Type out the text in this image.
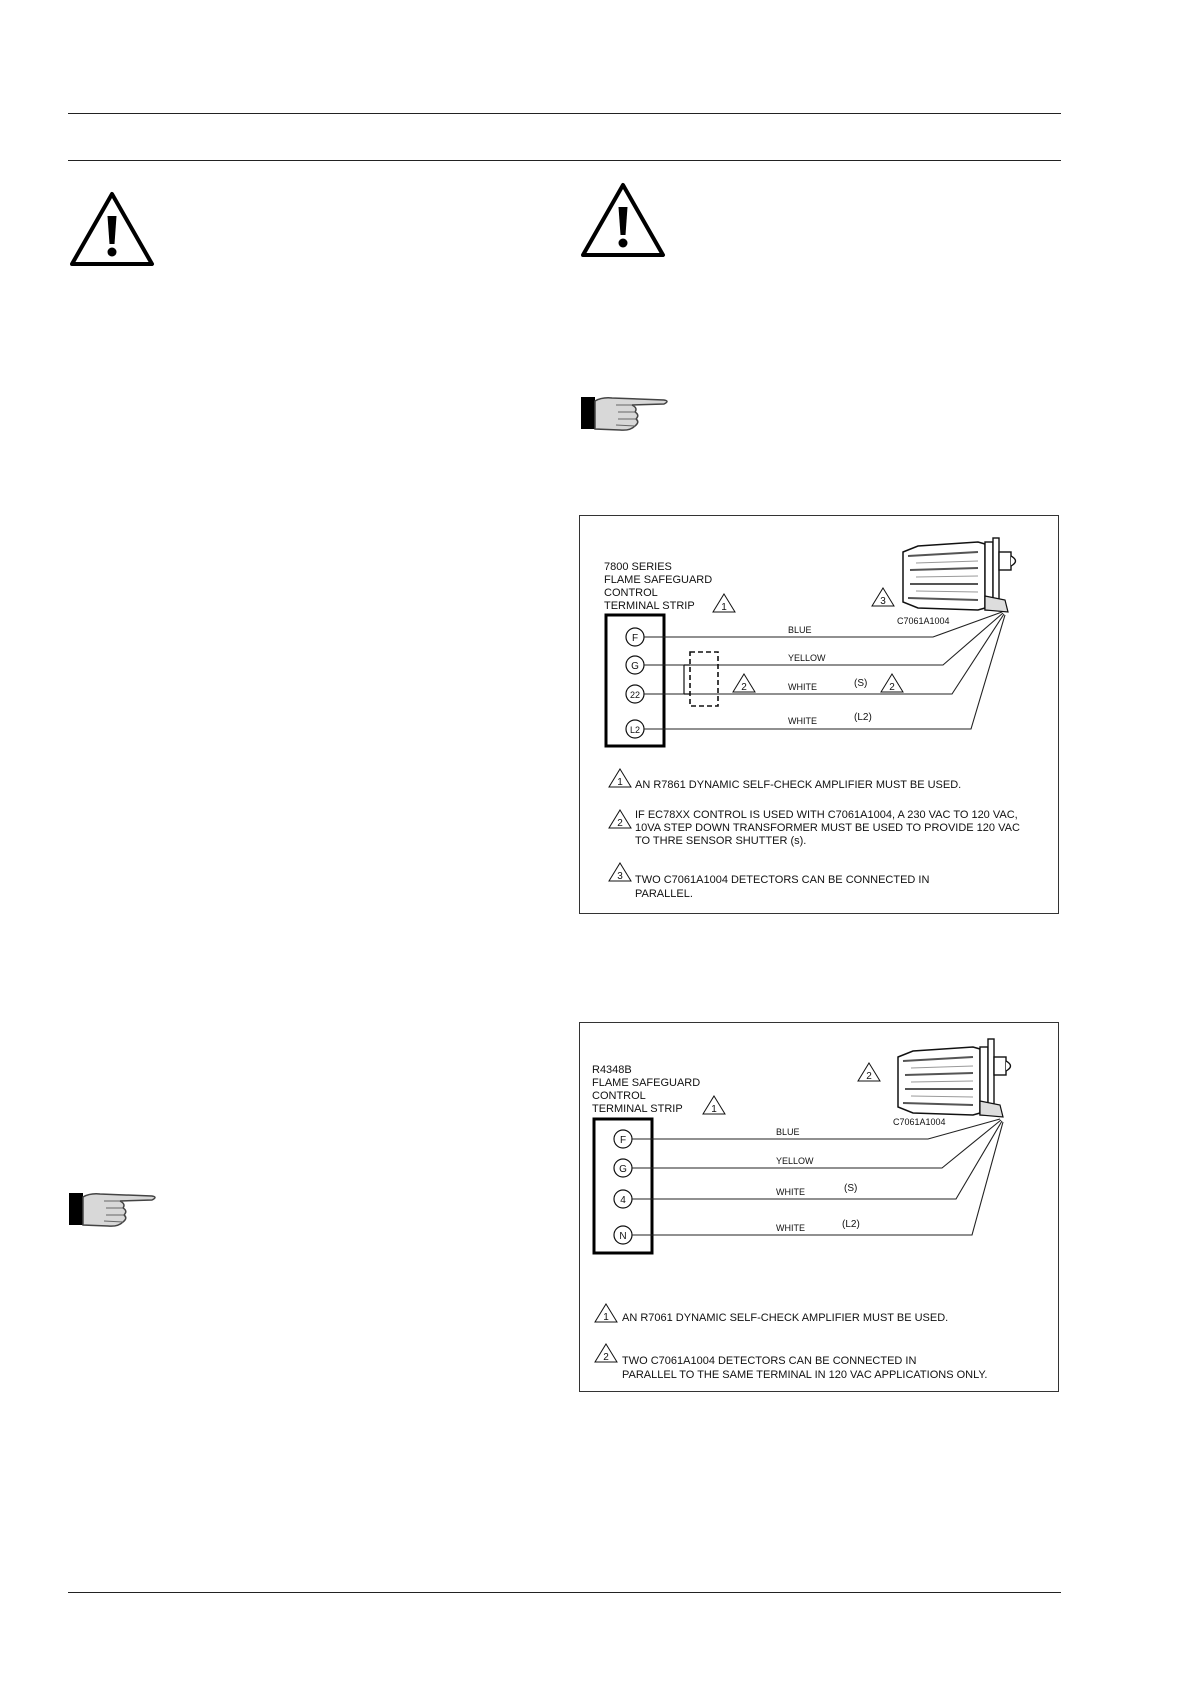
7800 SERIES
FLAME SAFEGUARD
CONTROL
TERMINAL STRIP	1
F
G
22
L2
2
BLUE
YELLOW
WHITE	(S) 2
WHITE	(L2)
C7061A1004
3
1 AN R7861 DYNAMIC SELF-CHECK AMPLIFIER MUST BE USED.
2
IF EC78XX CONTROL IS USED WITH C7061A1004, A 230 VAC TO 120 VAC,
10VA STEP DOWN TRANSFORMER MUST BE USED TO PROVIDE 120 VAC
TO THRE SENSOR SHUTTER (s).
3 TWO C7061A1004 DETECTORS CAN BE CONNECTED IN
PARALLEL.
R4348B
FLAME SAFEGUARD
CONTROL
TERMINAL STRIP	1
F
G
4
N
BLUE
YELLOW
WHITE	(S)
WHITE	(L2)
C7061A1004
2
1 AN R7061 DYNAMIC SELF-CHECK AMPLIFIER MUST BE USED.
2 TWO C7061A1004 DETECTORS CAN BE CONNECTED IN
PARALLEL TO THE SAME TERMINAL IN 120 VAC APPLICATIONS ONLY.
